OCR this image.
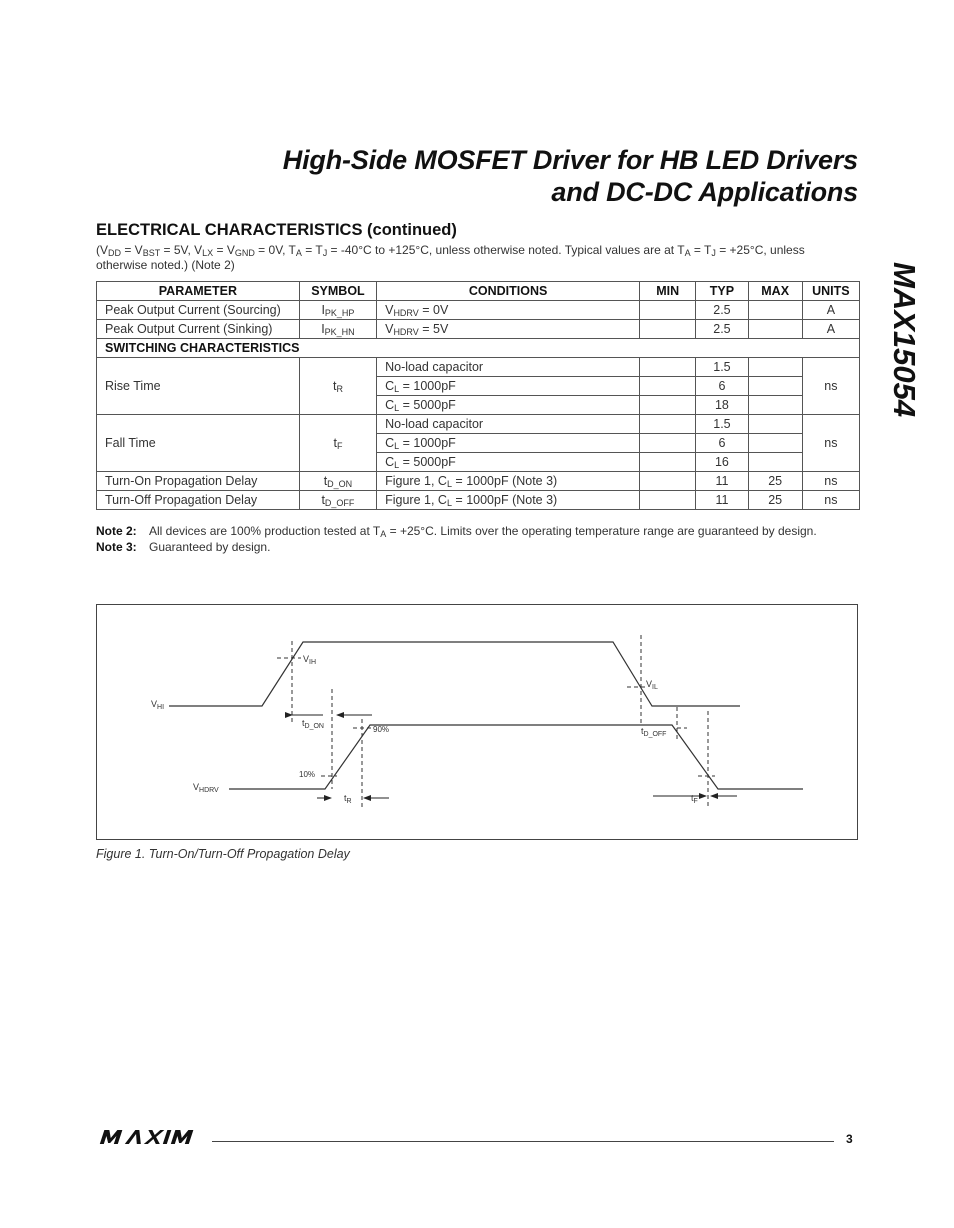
High-Side MOSFET Driver for HB LED Drivers
and DC-DC Applications
MAX15054
ELECTRICAL CHARACTERISTICS (continued)
($V_{DD} = V_{BST} = 5V$, $V_{LX} = V_{GND} = 0V$, $T_A = T_J = -40^\circ C$ to +125°C, unless otherwise noted. Typical values are at $T_A = T_J = +25^\circ C$, unless otherwise noted.) (Note 2)
PARAMETER	SYMBOL	CONDITIONS	MIN	TYP	MAX	UNITS
Peak Output Current (Sourcing)	$I_{PK\_HP}$	$V_{HDRV} = 0V$		2.5		A
Peak Output Current (Sinking)	$I_{PK\_HN}$	$V_{HDRV} = 5V$		2.5		A
SWITCHING CHARACTERISTICS						
Rise Time	$t_R$	No-load capacitor		1.5		ns
		$C_L = 1000pF$		6		
		$C_L = 5000pF$		18		
Fall Time	$t_F$	No-load capacitor		1.5		ns
		$C_L = 1000pF$		6		
		$C_L = 5000pF$		16		
Turn-On Propagation Delay	$t_{D\_ON}$	Figure 1, $C_L = 1000pF$ (Note 3)		11	25	ns
Turn-Off Propagation Delay	$t_{D\_OFF}$	Figure 1, $C_L = 1000pF$ (Note 3)		11	25	ns
Note 2:	All devices are 100% production tested at $T_A = +25^\circ C$. Limits over the operating temperature range are guaranteed by design.
Note 3:	Guaranteed by design.
$V_{HI}$
$V_{IH}$
$V_{IL}$
$V_{HDRV}$
$t_{D\_ON}$	$t_{D\_OFF}$
90%
10%
$t_R$	$t_F$
Figure 1. Turn-On/Turn-Off Propagation Delay
3
